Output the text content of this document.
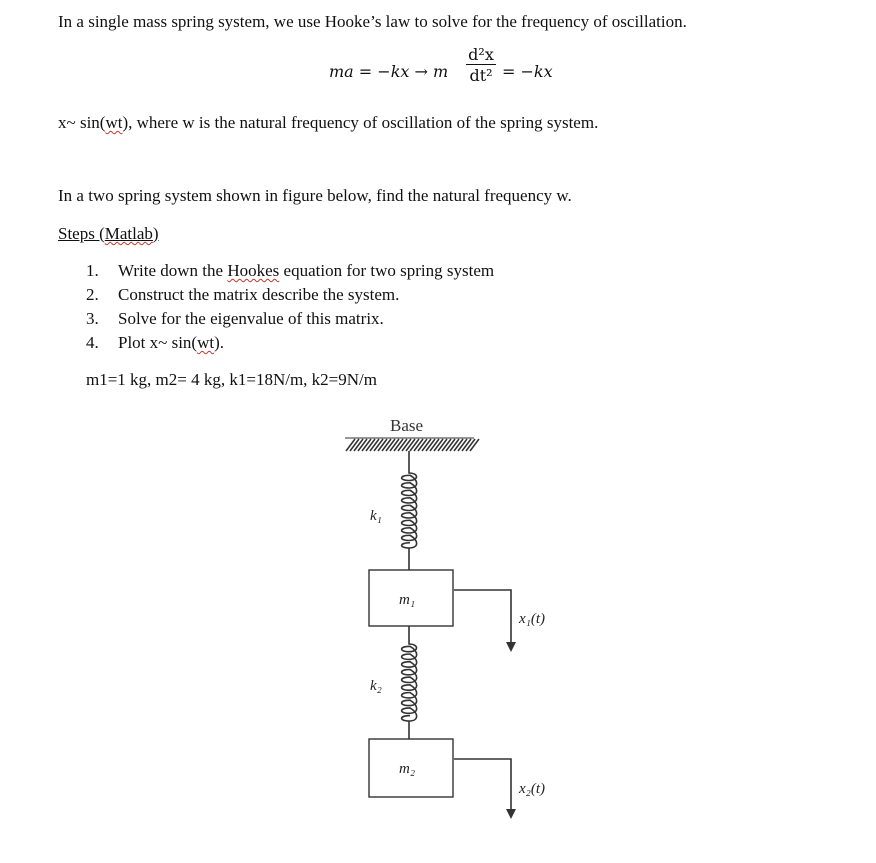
In a single mass spring system, we use Hooke’s law to solve for the frequency of oscillation.
ma = −kx → m $\frac{\text{d²x}}{\text{dt²}} = -kx$
x~ sin(wt), where w is the natural frequency of oscillation of the spring system.
In a two spring system shown in figure below, find the natural frequency w.
Steps (Matlab)
1. Write down the Hookes equation for two spring system
2. Construct the matrix describe the system.
3. Solve for the eigenvalue of this matrix.
4. Plot x~ sin(wt).
m1=1 kg, m2= 4 kg, k1=18N/m, k2=9N/m
Base
k₁
m₁
x₁(t)
k₂
m₂
x₂(t)
